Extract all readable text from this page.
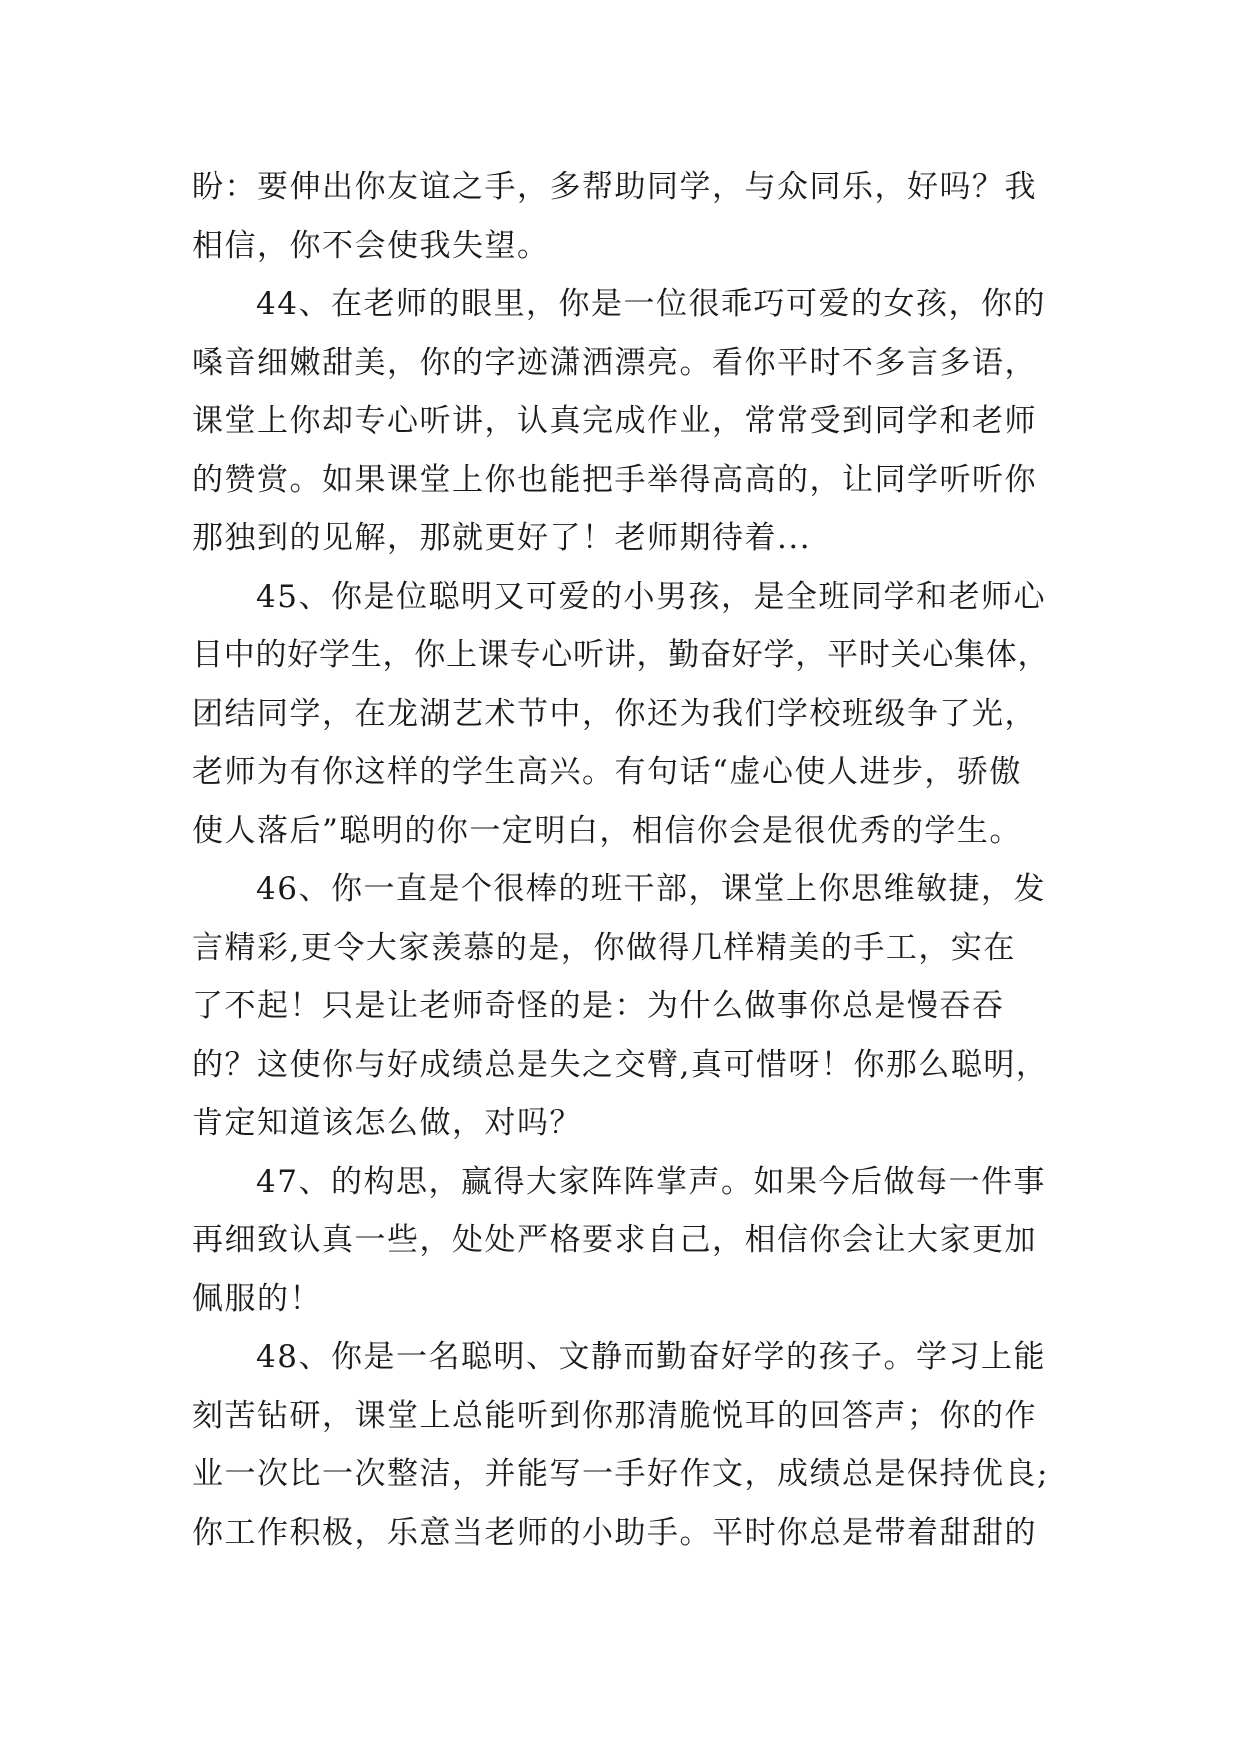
盼：要伸出你友谊之手，多帮助同学，与众同乐，好吗？我
相信，你不会使我失望。
44、在老师的眼里，你是一位很乖巧可爱的女孩，你的
嗓音细嫩甜美，你的字迹潇洒漂亮。看你平时不多言多语，
课堂上你却专心听讲，认真完成作业，常常受到同学和老师
的赞赏。如果课堂上你也能把手举得高高的，让同学听听你
那独到的见解，那就更好了！老师期待着...
45、你是位聪明又可爱的小男孩，是全班同学和老师心
目中的好学生，你上课专心听讲，勤奋好学，平时关心集体，
团结同学，在龙湖艺术节中，你还为我们学校班级争了光，
老师为有你这样的学生高兴。有句话“虚心使人进步，骄傲
使人落后”聪明的你一定明白，相信你会是很优秀的学生。
46、你一直是个很棒的班干部，课堂上你思维敏捷，发
言精彩,更令大家羡慕的是，你做得几样精美的手工，实在
了不起！只是让老师奇怪的是：为什么做事你总是慢吞吞
的？这使你与好成绩总是失之交臂,真可惜呀！你那么聪明，
肯定知道该怎么做，对吗？
47、的构思，赢得大家阵阵掌声。如果今后做每一件事
再细致认真一些，处处严格要求自己，相信你会让大家更加
佩服的！
48、你是一名聪明、文静而勤奋好学的孩子。学习上能
刻苦钻研，课堂上总能听到你那清脆悦耳的回答声；你的作
业一次比一次整洁，并能写一手好作文，成绩总是保持优良;
你工作积极，乐意当老师的小助手。平时你总是带着甜甜的
